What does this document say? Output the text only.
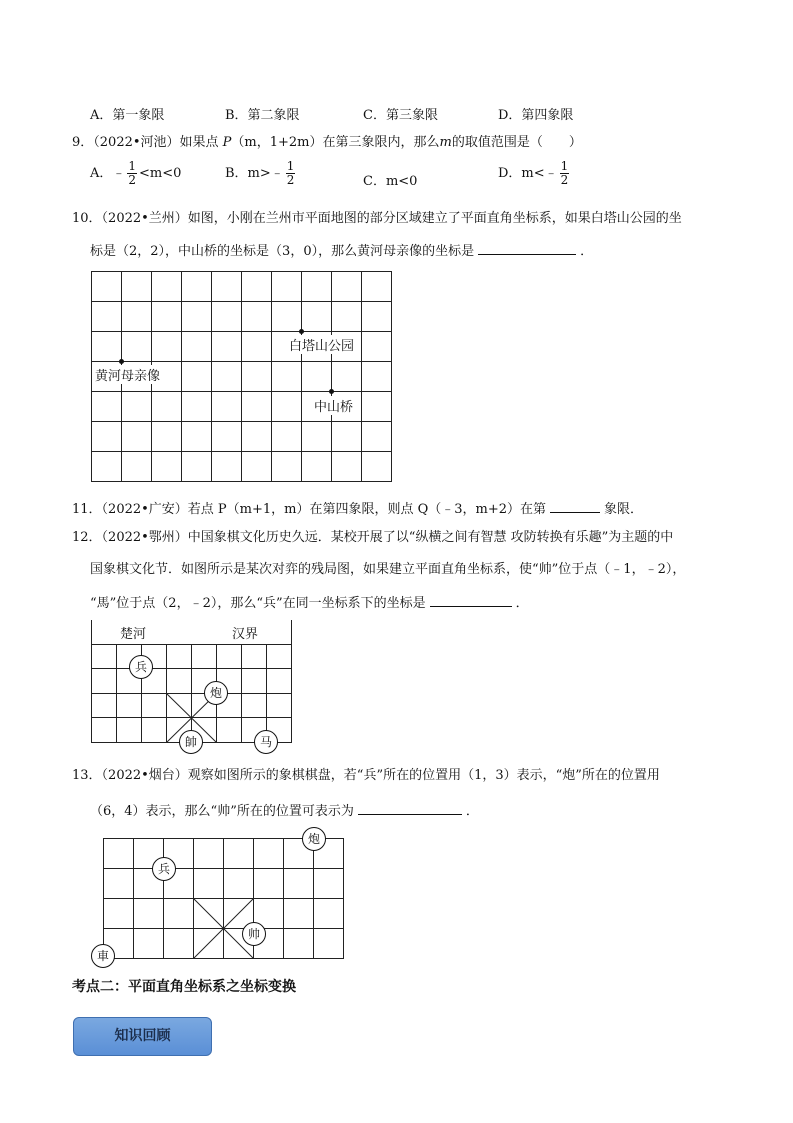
A．第一象限	B．第二象限	C．第三象限	D．第四象限
9．（2022•河池）如果点 P（m，1+2m）在第三象限内，那么m的取值范围是（　　）
A．﹣ $\frac{1}{2} <m<0$	B．m>﹣ $\frac{1}{2}$	C．m<0
D．m<﹣ $\frac{1}{2}$
10．（2022•兰州）如图，小刚在兰州市平面地图的部分区域建立了平面直角坐标系，如果白塔山公园的坐
标是（2，2），中山桥的坐标是（3，0），那么黄河母亲像的坐标是	．
白塔山公园
黄河母亲像
中山桥
11．（2022•广安）若点 P（m+1，m）在第四象限，则点 Q（﹣3，m+2）在第	象限．
12．（2022•鄂州）中国象棋文化历史久远．某校开展了以“纵横之间有智慧 攻防转换有乐趣”为主题的中
国象棋文化节．如图所示是某次对弈的残局图，如果建立平面直角坐标系，使“帅”位于点（﹣1，﹣2），
“馬”位于点（2，﹣2），那么“兵”在同一坐标系下的坐标是	．
楚河	汉界
兵
炮
帥	马
13．（2022•烟台）观察如图所示的象棋棋盘，若“兵”所在的位置用（1，3）表示，“炮”所在的位置用
（6，4）表示，那么“帅”所在的位置可表示为	．
炮
兵
帅
車
考点二：平面直角坐标系之坐标变换
知识回顾
